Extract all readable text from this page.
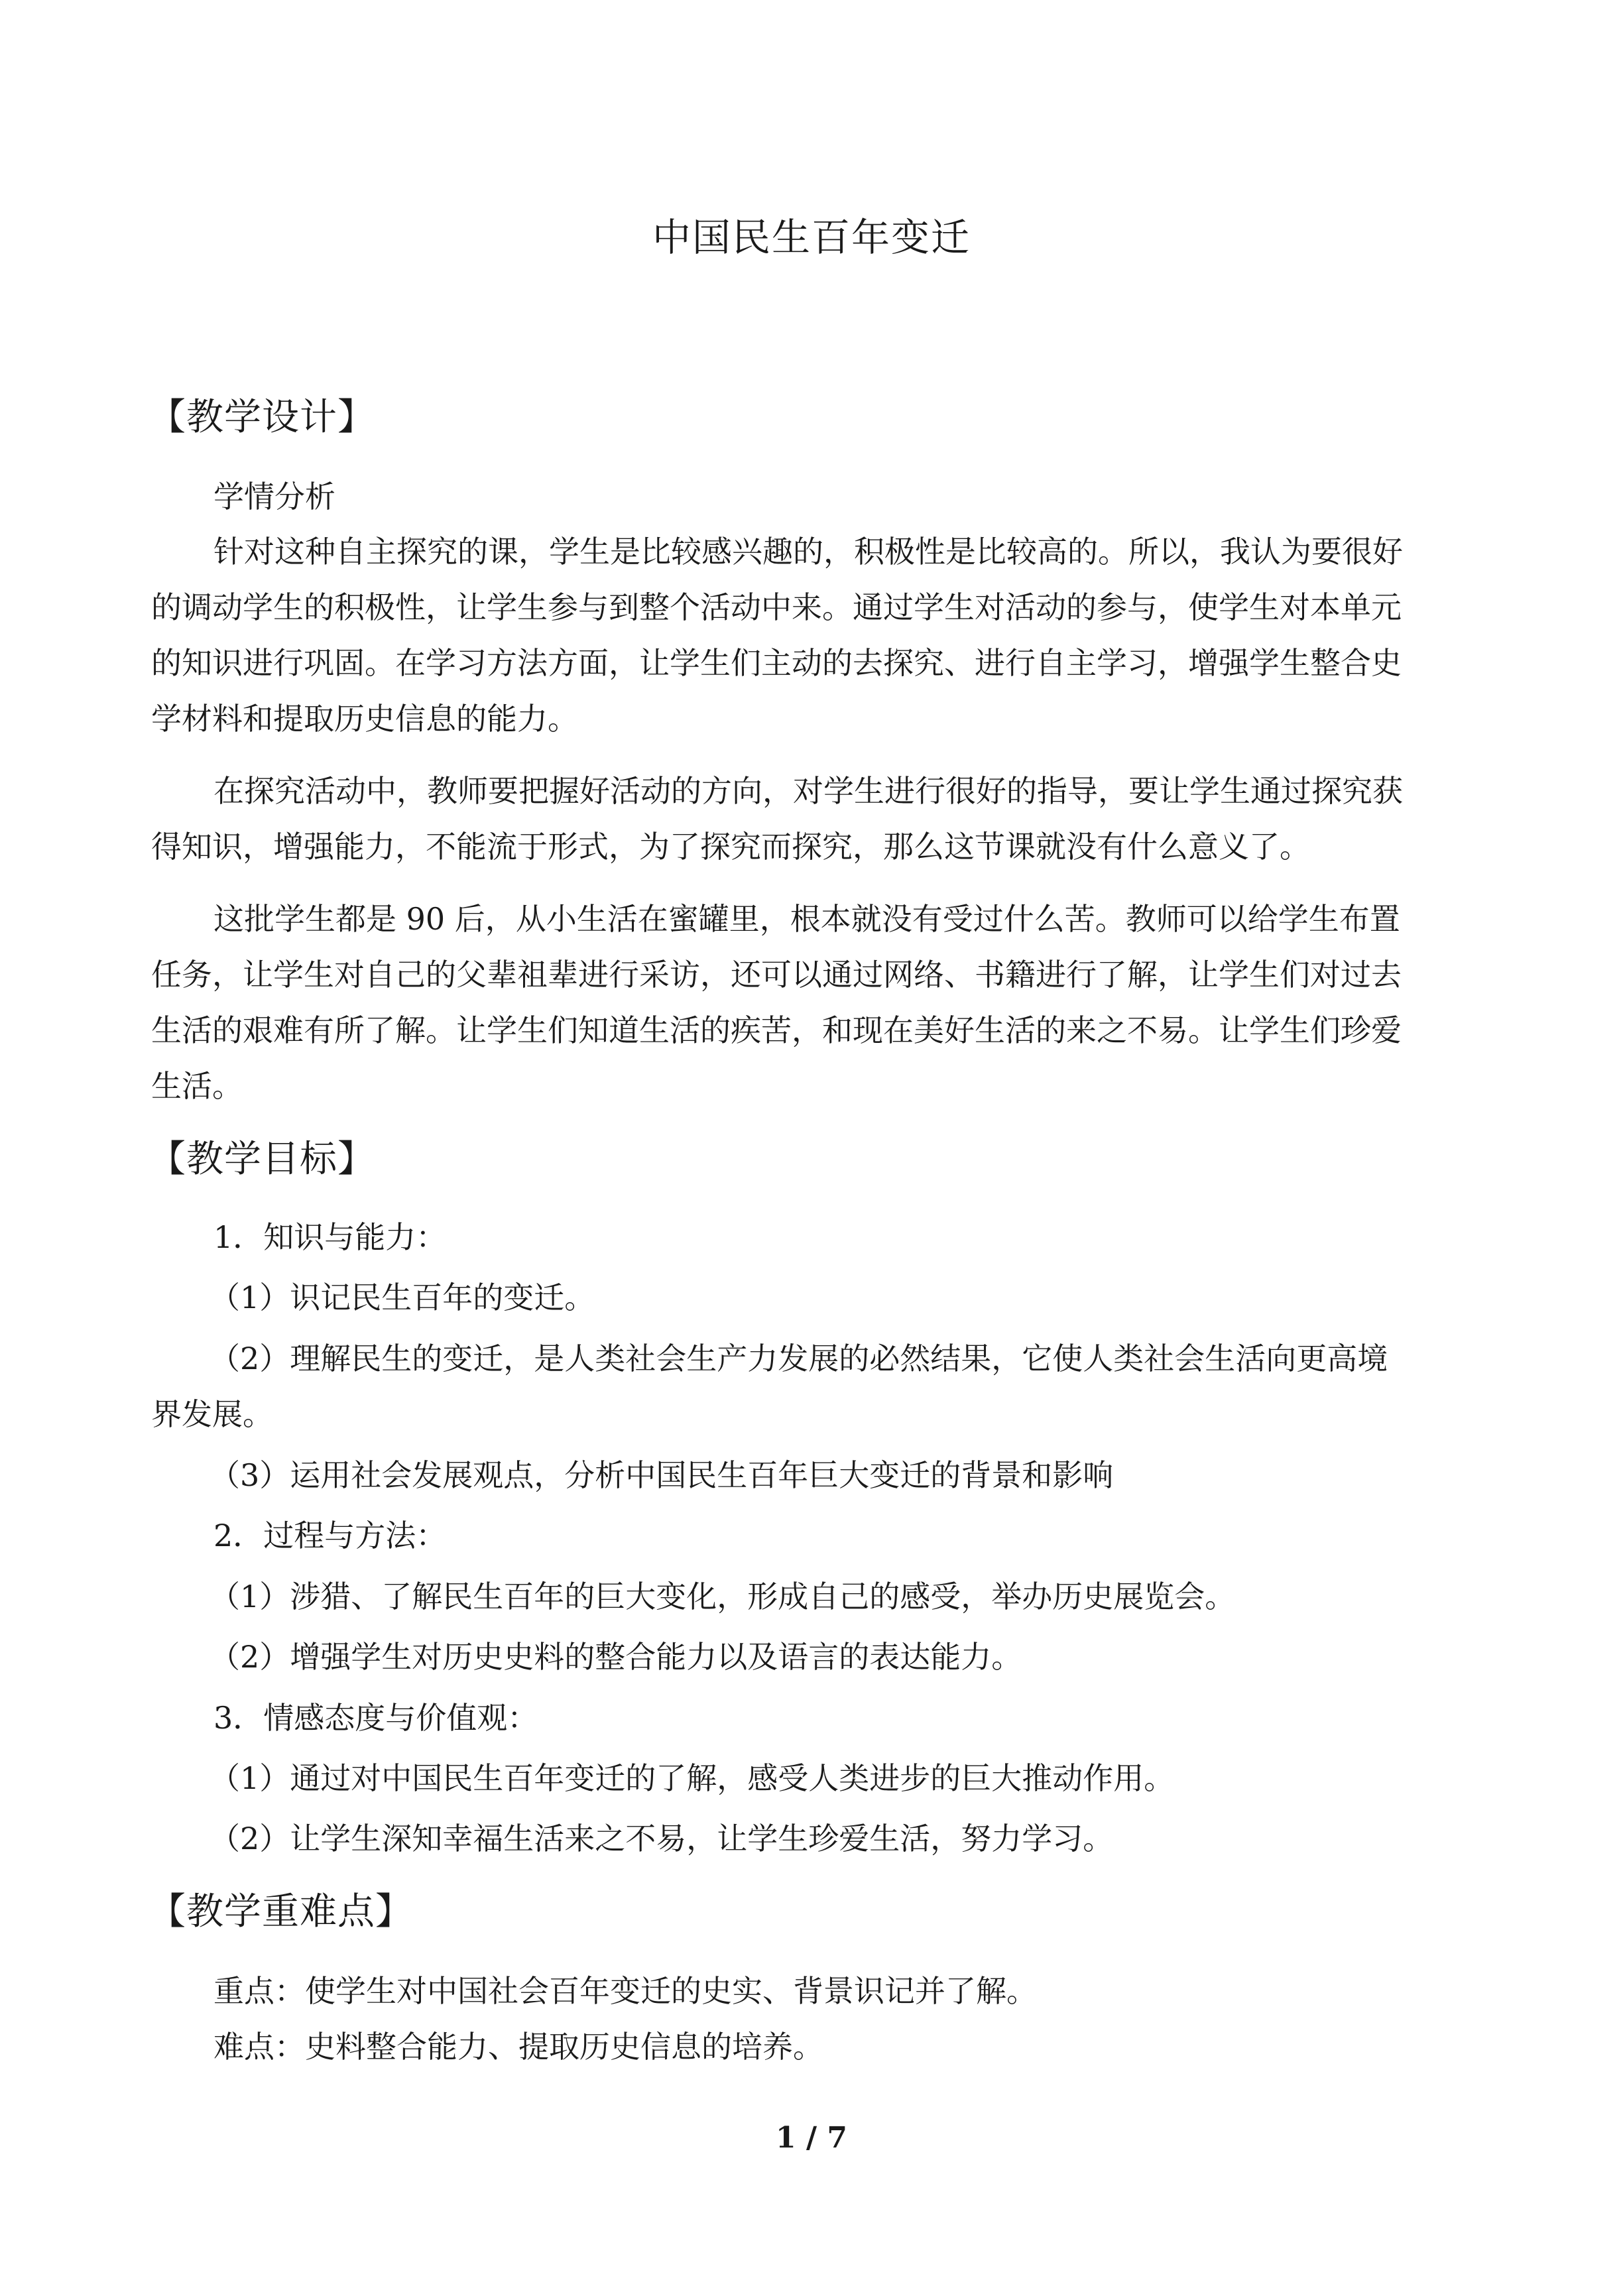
中国民生百年变迁
【教学设计】
学情分析
针对这种自主探究的课，学生是比较感兴趣的，积极性是比较高的。所以，我认为要很好
的调动学生的积极性，让学生参与到整个活动中来。通过学生对活动的参与，使学生对本单元
的知识进行巩固。在学习方法方面，让学生们主动的去探究、进行自主学习，增强学生整合史
学材料和提取历史信息的能力。
在探究活动中，教师要把握好活动的方向，对学生进行很好的指导，要让学生通过探究获
得知识，增强能力，不能流于形式，为了探究而探究，那么这节课就没有什么意义了。
这批学生都是 90 后，从小生活在蜜罐里，根本就没有受过什么苦。教师可以给学生布置
任务，让学生对自己的父辈祖辈进行采访，还可以通过网络、书籍进行了解，让学生们对过去
生活的艰难有所了解。让学生们知道生活的疾苦，和现在美好生活的来之不易。让学生们珍爱
生活。
【教学目标】
1．知识与能力：
（1）识记民生百年的变迁。
（2）理解民生的变迁，是人类社会生产力发展的必然结果，它使人类社会生活向更高境
界发展。
（3）运用社会发展观点，分析中国民生百年巨大变迁的背景和影响
2．过程与方法：
（1）涉猎、了解民生百年的巨大变化，形成自己的感受，举办历史展览会。
（2）增强学生对历史史料的整合能力以及语言的表达能力。
3．情感态度与价值观：
（1）通过对中国民生百年变迁的了解，感受人类进步的巨大推动作用。
（2）让学生深知幸福生活来之不易，让学生珍爱生活，努力学习。
【教学重难点】
重点：使学生对中国社会百年变迁的史实、背景识记并了解。
难点：史料整合能力、提取历史信息的培养。
1 / 7
